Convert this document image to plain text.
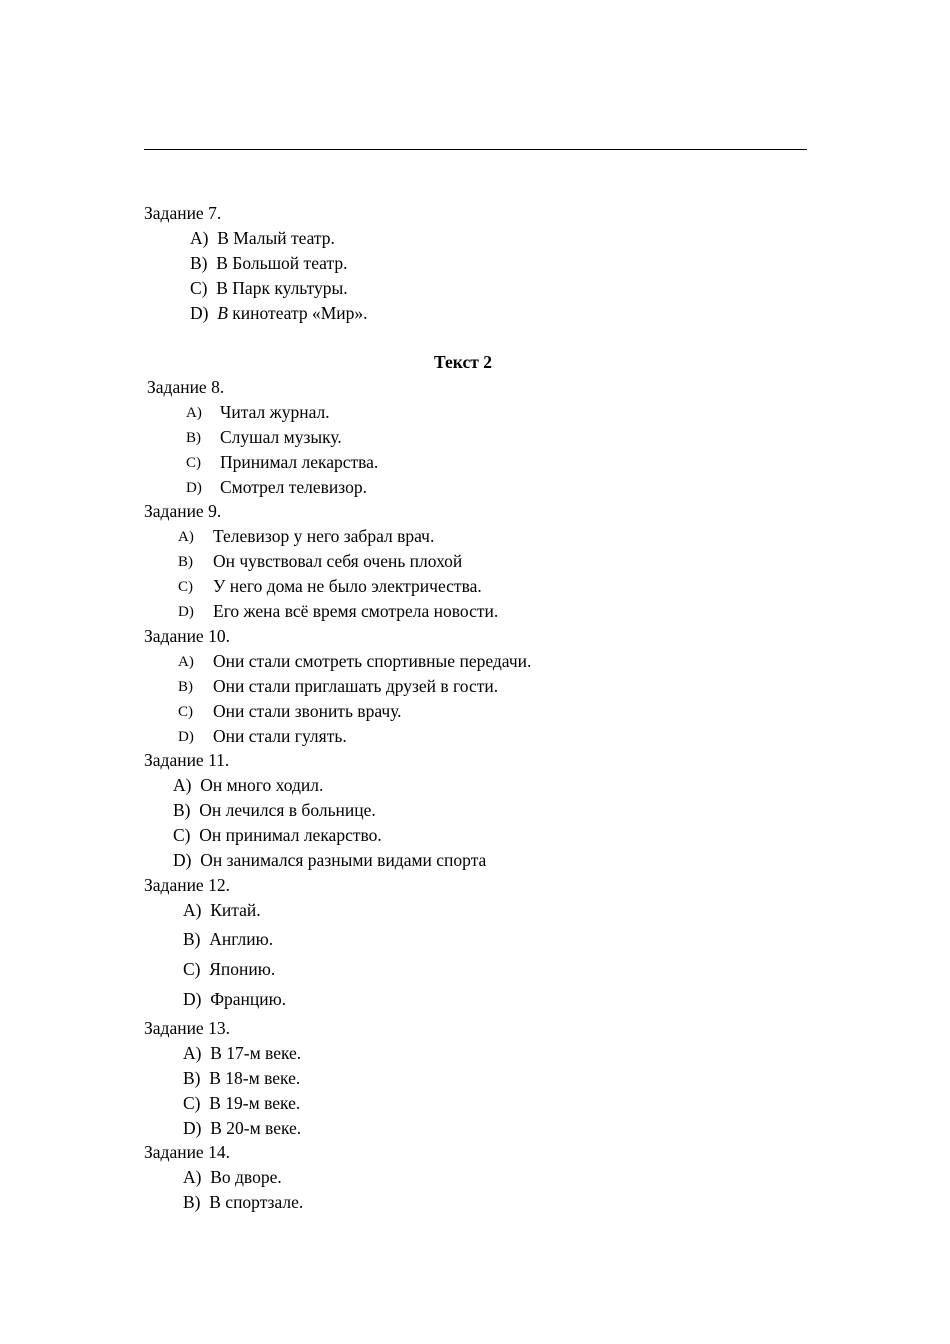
Задание 7.
A) В Малый театр.
B) В Большой театр.
C) В Парк культуры.
D) В кинотеатр «Мир».
Текст 2
Задание 8.
A) Читал журнал.
B) Слушал музыку.
C) Принимал лекарства.
D) Смотрел телевизор.
Задание 9.
A) Телевизор у него забрал врач.
B) Он чувствовал себя очень плохой
C) У него дома не было электричества.
D) Его жена всё время смотрела новости.
Задание 10.
A) Они стали смотреть спортивные передачи.
B) Они стали приглашать друзей в гости.
C) Они стали звонить врачу.
D) Они стали гулять.
Задание 11.
A) Он много ходил.
B) Он лечился в больнице.
C) Он принимал лекарство.
D) Он занимался разными видами спорта
Задание 12.
A) Китай.
B) Англию.
C) Японию.
D) Францию.
Задание 13.
A) В 17-м веке.
B) В 18-м веке.
C) В 19-м веке.
D) В 20-м веке.
Задание 14.
A) Во дворе.
B) В спортзале.
